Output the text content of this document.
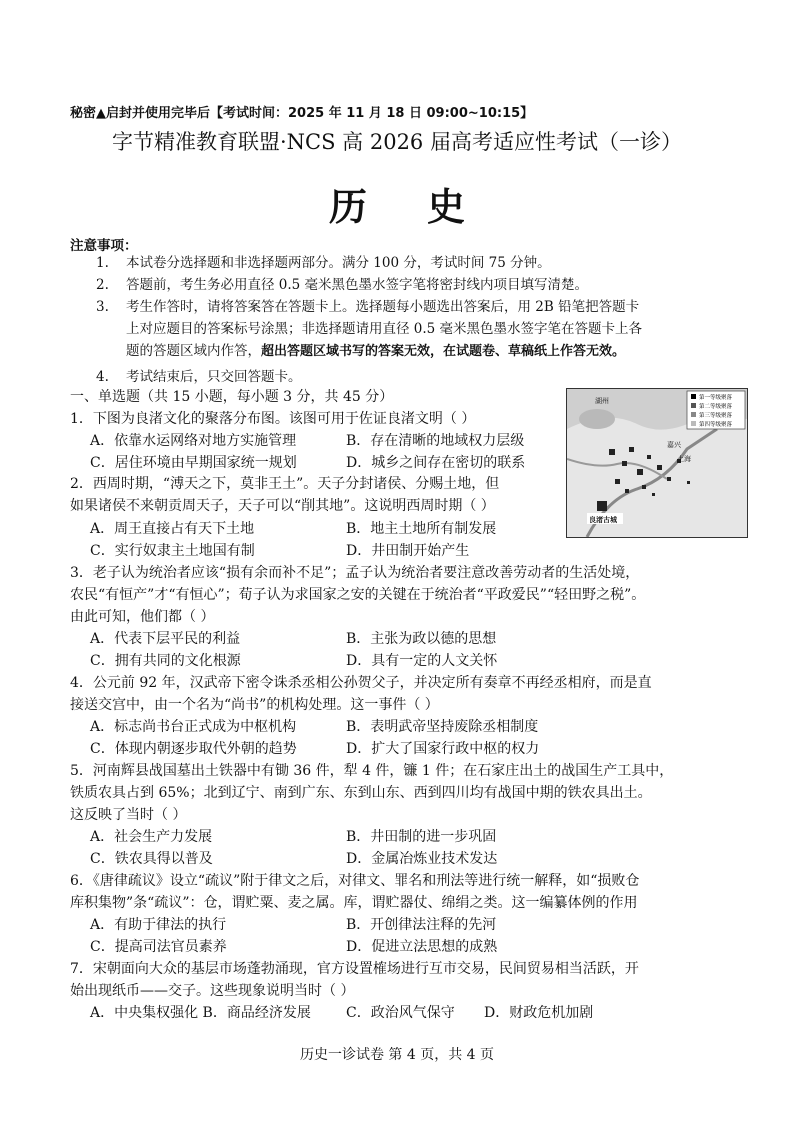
秘密▲启封并使用完毕后【考试时间：2025 年 11 月 18 日 09:00~10:15】
字节精准教育联盟·NCS 高 2026 届高考适应性考试（一诊）
历史
注意事项：
1. 本试卷分选择题和非选择题两部分。满分 100 分，考试时间 75 分钟。
2. 答题前，考生务必用直径 0.5 毫米黑色墨水签字笔将密封线内项目填写清楚。
3. 考生作答时，请将答案答在答题卡上。选择题每小题选出答案后，用 2B 铅笔把答题卡
上对应题目的答案标号涂黑；非选择题请用直径 0.5 毫米黑色墨水签字笔在答题卡上各
题的答题区域内作答，超出答题区域书写的答案无效，在试题卷、草稿纸上作答无效。
4. 考试结束后，只交回答题卡。
一、单选题（共 15 小题，每小题 3 分，共 45 分）	第一等级聚落
第二等级聚落
第三等级聚落
第四等级聚落
嘉兴
湖州
上海
良渚古城
1．下图为良渚文化的聚落分布图。该图可用于佐证良渚文明（ ）
A．依靠水运网络对地方实施管理	B．存在清晰的地域权力层级
C．居住环境由早期国家统一规划	D．城乡之间存在密切的联系
2．西周时期，“溥天之下，莫非王土”。天子分封诸侯、分赐土地，但
如果诸侯不来朝贡周天子，天子可以“削其地”。这说明西周时期（ ）
A．周王直接占有天下土地	B．地主土地所有制发展
C．实行奴隶主土地国有制	D．井田制开始产生
3．老子认为统治者应该“损有余而补不足”；孟子认为统治者要注意改善劳动者的生活处境，
农民“有恒产”才“有恒心”；荀子认为求国家之安的关键在于统治者“平政爱民”“轻田野之税”。
由此可知，他们都（ ）
A．代表下层平民的利益	B．主张为政以德的思想
C．拥有共同的文化根源	D．具有一定的人文关怀
4．公元前 92 年，汉武帝下密令诛杀丞相公孙贺父子，并决定所有奏章不再经丞相府，而是直
接送交宫中，由一个名为“尚书”的机构处理。这一事件（ ）
A．标志尚书台正式成为中枢机构	B．表明武帝坚持废除丞相制度
C．体现内朝逐步取代外朝的趋势	D．扩大了国家行政中枢的权力
5．河南辉县战国墓出土铁器中有锄 36 件，犁 4 件，镰 1 件；在石家庄出土的战国生产工具中，
铁质农具占到 65%；北到辽宁、南到广东、东到山东、西到四川均有战国中期的铁农具出土。
这反映了当时（ ）
A．社会生产力发展	B．井田制的进一步巩固
C．铁农具得以普及	D．金属冶炼业技术发达
6．《唐律疏议》设立“疏议”附于律文之后，对律文、罪名和刑法等进行统一解释，如“损败仓
库积集物”条“疏议”：仓，谓贮粟、麦之属。库，谓贮器仗、绵绢之类。这一编纂体例的作用
A．有助于律法的执行	B．开创律法注释的先河
C．提高司法官员素养	D．促进立法思想的成熟
7．宋朝面向大众的基层市场蓬勃涌现，官方设置榷场进行互市交易，民间贸易相当活跃，开
始出现纸币——交子。这些现象说明当时（ ）
A．中央集权强化 B．商品经济发展	C．政治风气保守 D．财政危机加剧
历史一诊试卷 第 4 页，共 4 页
